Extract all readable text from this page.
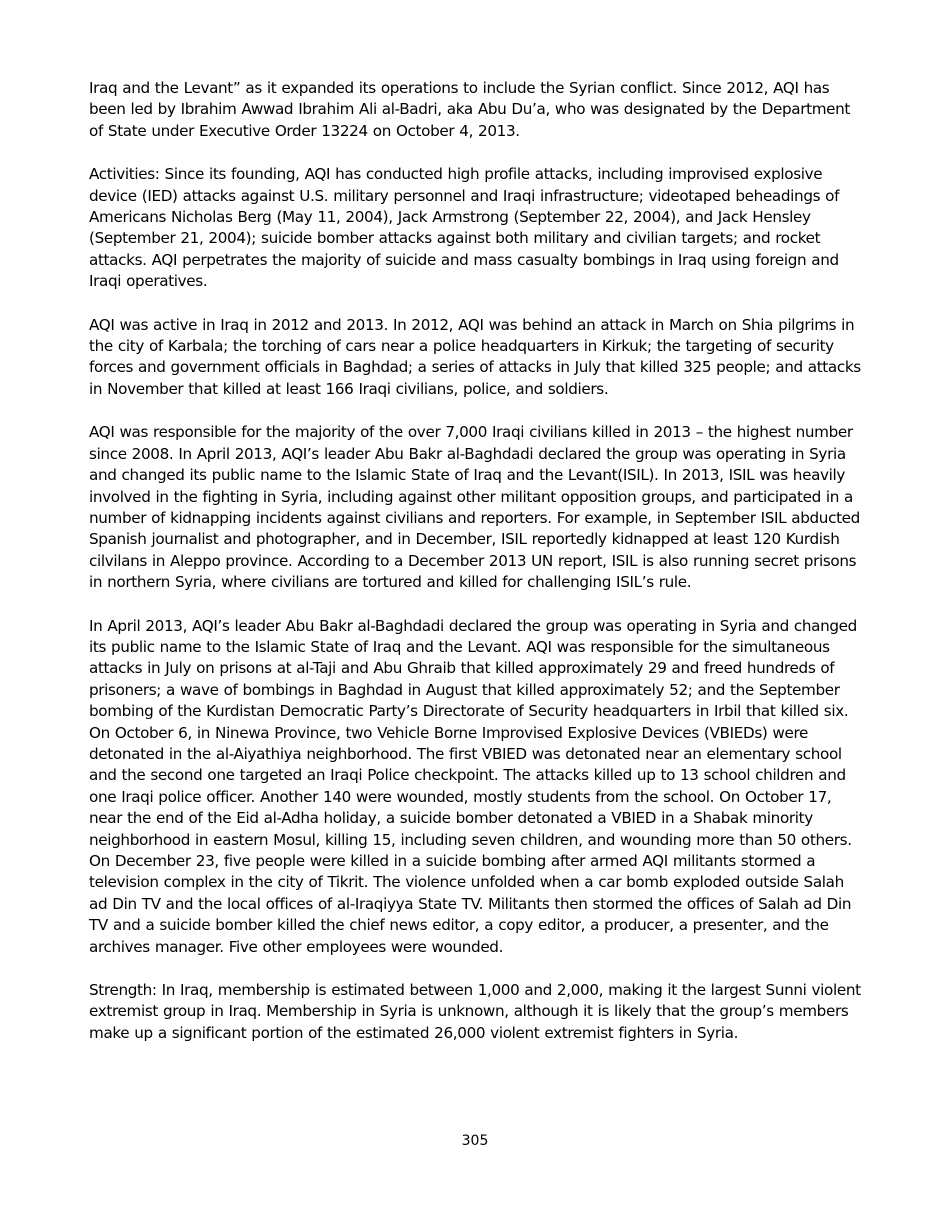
Iraq and the Levant” as it expanded its operations to include the Syrian conflict. Since 2012, AQI has been led by Ibrahim Awwad Ibrahim Ali al-Badri, aka Abu Du’a, who was designated by the Department of State under Executive Order 13224 on October 4, 2013.

Activities: Since its founding, AQI has conducted high profile attacks, including improvised explosive device (IED) attacks against U.S. military personnel and Iraqi infrastructure; videotaped beheadings of Americans Nicholas Berg (May 11, 2004), Jack Armstrong (September 22, 2004), and Jack Hensley (September 21, 2004); suicide bomber attacks against both military and civilian targets; and rocket attacks. AQI perpetrates the majority of suicide and mass casualty bombings in Iraq using foreign and Iraqi operatives.

AQI was active in Iraq in 2012 and 2013. In 2012, AQI was behind an attack in March on Shia pilgrims in the city of Karbala; the torching of cars near a police headquarters in Kirkuk; the targeting of security forces and government officials in Baghdad; a series of attacks in July that killed 325 people; and attacks in November that killed at least 166 Iraqi civilians, police, and soldiers.

AQI was responsible for the majority of the over 7,000 Iraqi civilians killed in 2013 – the highest number since 2008. In April 2013, AQI’s leader Abu Bakr al-Baghdadi declared the group was operating in Syria and changed its public name to the Islamic State of Iraq and the Levant(ISIL). In 2013, ISIL was heavily involved in the fighting in Syria, including against other militant opposition groups, and participated in a number of kidnapping incidents against civilians and reporters. For example, in September ISIL abducted Spanish journalist and photographer, and in December, ISIL reportedly kidnapped at least 120 Kurdish cilvilans in Aleppo province. According to a December 2013 UN report, ISIL is also running secret prisons in northern Syria, where civilians are tortured and killed for challenging ISIL’s rule.

In April 2013, AQI’s leader Abu Bakr al-Baghdadi declared the group was operating in Syria and changed its public name to the Islamic State of Iraq and the Levant. AQI was responsible for the simultaneous attacks in July on prisons at al-Taji and Abu Ghraib that killed approximately 29 and freed hundreds of prisoners; a wave of bombings in Baghdad in August that killed approximately 52; and the September bombing of the Kurdistan Democratic Party’s Directorate of Security headquarters in Irbil that killed six. On October 6, in Ninewa Province, two Vehicle Borne Improvised Explosive Devices (VBIEDs) were detonated in the al-Aiyathiya neighborhood. The first VBIED was detonated near an elementary school and the second one targeted an Iraqi Police checkpoint. The attacks killed up to 13 school children and one Iraqi police officer. Another 140 were wounded, mostly students from the school. On October 17, near the end of the Eid al-Adha holiday, a suicide bomber detonated a VBIED in a Shabak minority neighborhood in eastern Mosul, killing 15, including seven children, and wounding more than 50 others. On December 23, five people were killed in a suicide bombing after armed AQI militants stormed a television complex in the city of Tikrit. The violence unfolded when a car bomb exploded outside Salah ad Din TV and the local offices of al-Iraqiyya State TV. Militants then stormed the offices of Salah ad Din TV and a suicide bomber killed the chief news editor, a copy editor, a producer, a presenter, and the archives manager. Five other employees were wounded.

Strength: In Iraq, membership is estimated between 1,000 and 2,000, making it the largest Sunni violent extremist group in Iraq. Membership in Syria is unknown, although it is likely that the group’s members make up a significant portion of the estimated 26,000 violent extremist fighters in Syria.

305
